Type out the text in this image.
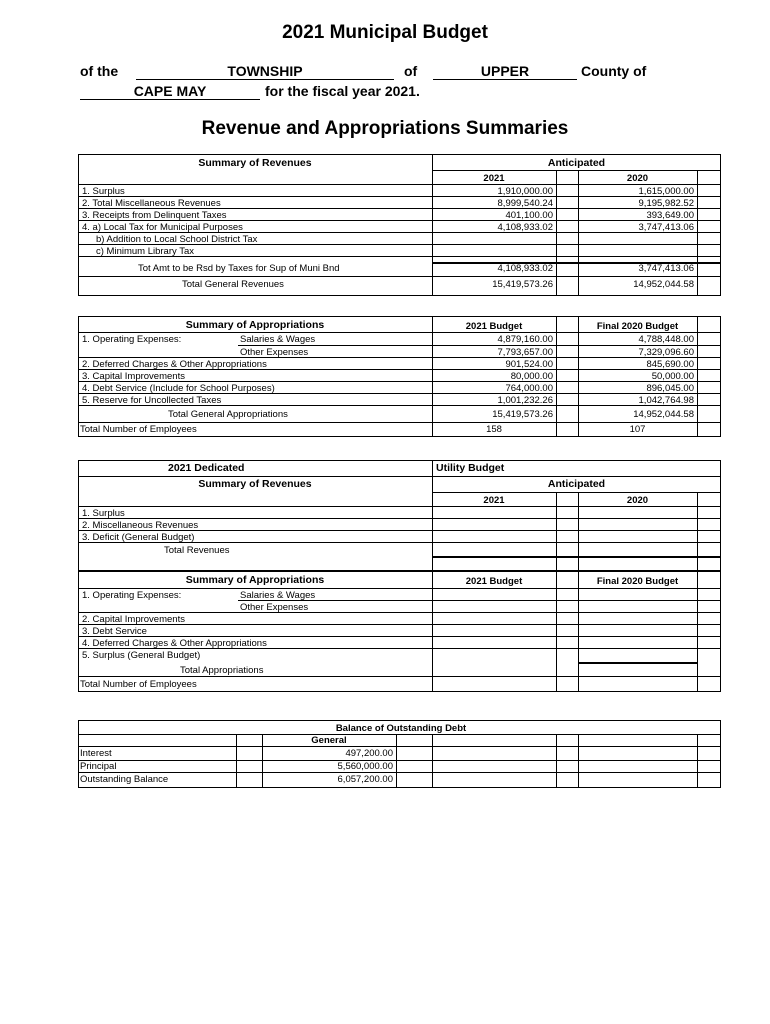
2021 Municipal Budget
of the	TOWNSHIP	of	UPPER	County of
CAPE MAY	for the fiscal year 2021.
Revenue and Appropriations Summaries
Summary of Revenues	Anticipated
2021	2020
1. Surplus	1,910,000.00	1,615,000.00
2. Total Miscellaneous Revenues	8,999,540.24	9,195,982.52
3. Receipts from Delinquent Taxes	401,100.00	393,649.00
4. a) Local Tax for Municipal Purposes	4,108,933.02	3,747,413.06
b) Addition to Local School District Tax
c) Minimum Library Tax
Tot Amt to be Rsd by Taxes for Sup of Muni Bnd	4,108,933.02	3,747,413.06
Total General Revenues	15,419,573.26	14,952,044.58
Summary of Appropriations	2021 Budget	Final 2020 Budget
1. Operating Expenses:	Salaries & Wages	4,879,160.00	4,788,448.00
Other Expenses	7,793,657.00	7,329,096.60
2. Deferred Charges & Other Appropriations	901,524.00	845,690.00
3. Capital Improvements	80,000.00	50,000.00
4. Debt Service (Include for School Purposes)	764,000.00	896,045.00
5. Reserve for Uncollected Taxes	1,001,232.26	1,042,764.98
Total General Appropriations	15,419,573.26	14,952,044.58
Total Number of Employees	158	107
2021 Dedicated	Utility Budget
Summary of Revenues	Anticipated
2021	2020
1. Surplus
2. Miscellaneous Revenues
3. Deficit (General Budget)
Total Revenues
Summary of Appropriations	2021 Budget	Final 2020 Budget
1. Operating Expenses:	Salaries & Wages
Other Expenses
2. Capital Improvements
3. Debt Service
4. Deferred Charges & Other Appropriations
5. Surplus (General Budget)
Total Appropriations
Total Number of Employees
Balance of Outstanding Debt
General
Interest	497,200.00
Principal	5,560,000.00
Outstanding Balance	6,057,200.00
